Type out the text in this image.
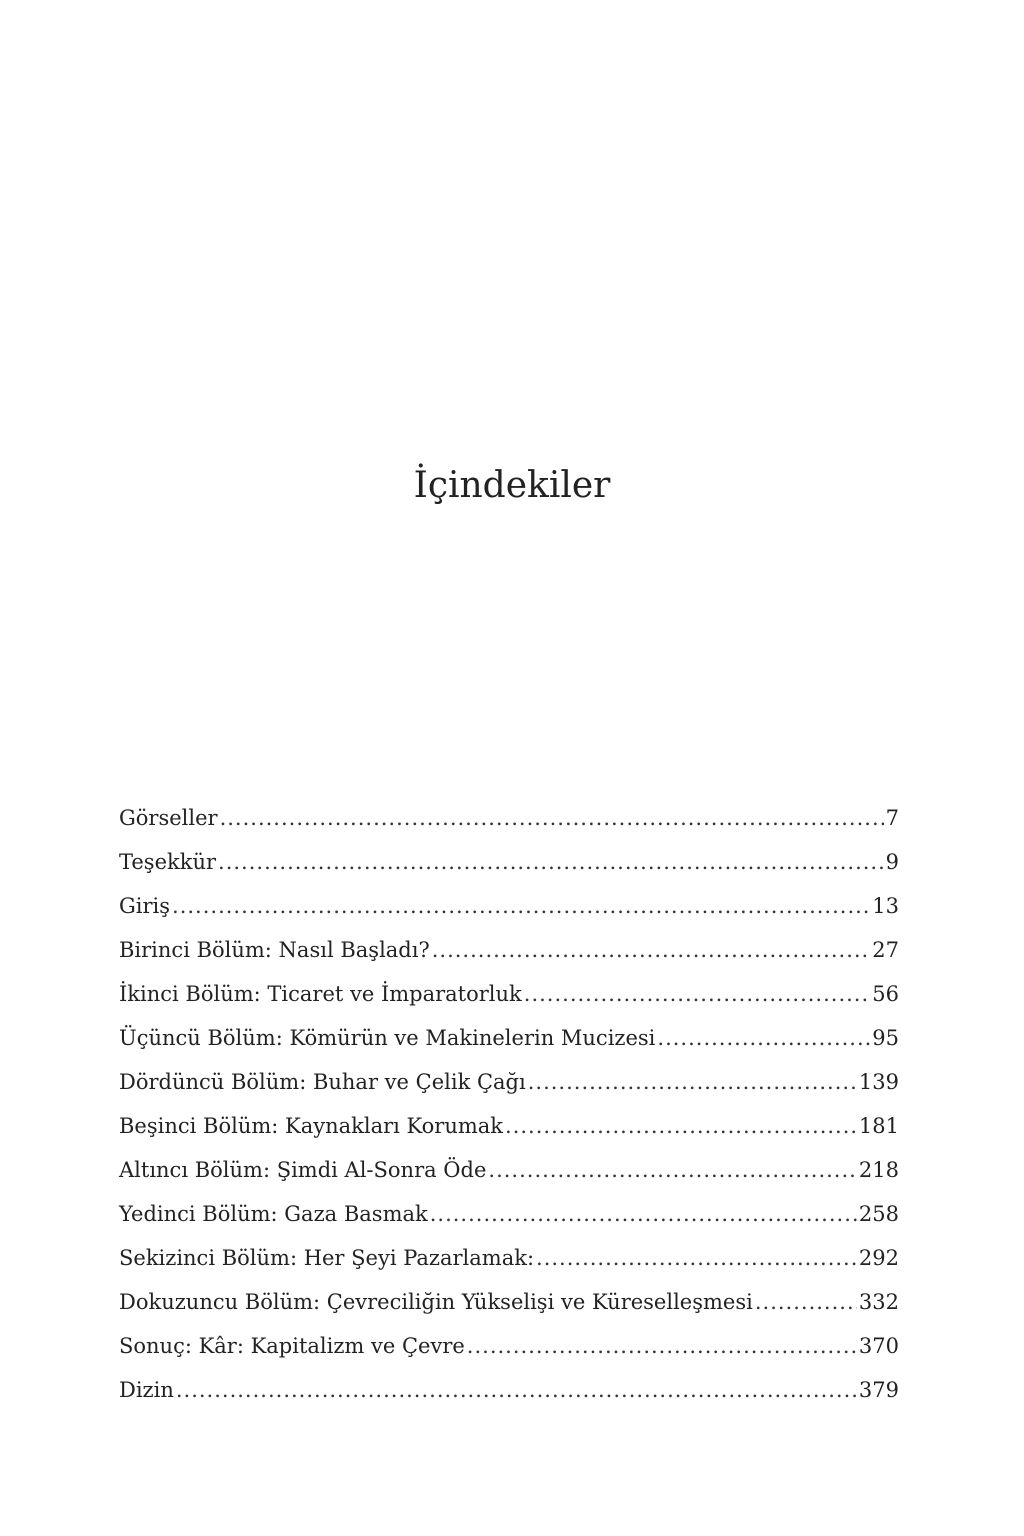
İçindekiler
Görseller .....	7
Teşekkür .....	9
Giriş .....	13
Birinci Bölüm: Nasıl Başladı? .....	27
İkinci Bölüm: Ticaret ve İmparatorluk .....	56
Üçüncü Bölüm: Kömürün ve Makinelerin Mucizesi .....	95
Dördüncü Bölüm: Buhar ve Çelik Çağı .....	139
Beşinci Bölüm: Kaynakları Korumak .....	181
Altıncı Bölüm: Şimdi Al-Sonra Öde .....	218
Yedinci Bölüm: Gaza Basmak .....	258
Sekizinci Bölüm: Her Şeyi Pazarlamak: .....	292
Dokuzuncu Bölüm: Çevreciliğin Yükselişi ve Küreselleşmesi .....	332
Sonuç: Kâr: Kapitalizm ve Çevre .....	370
Dizin .....	379
